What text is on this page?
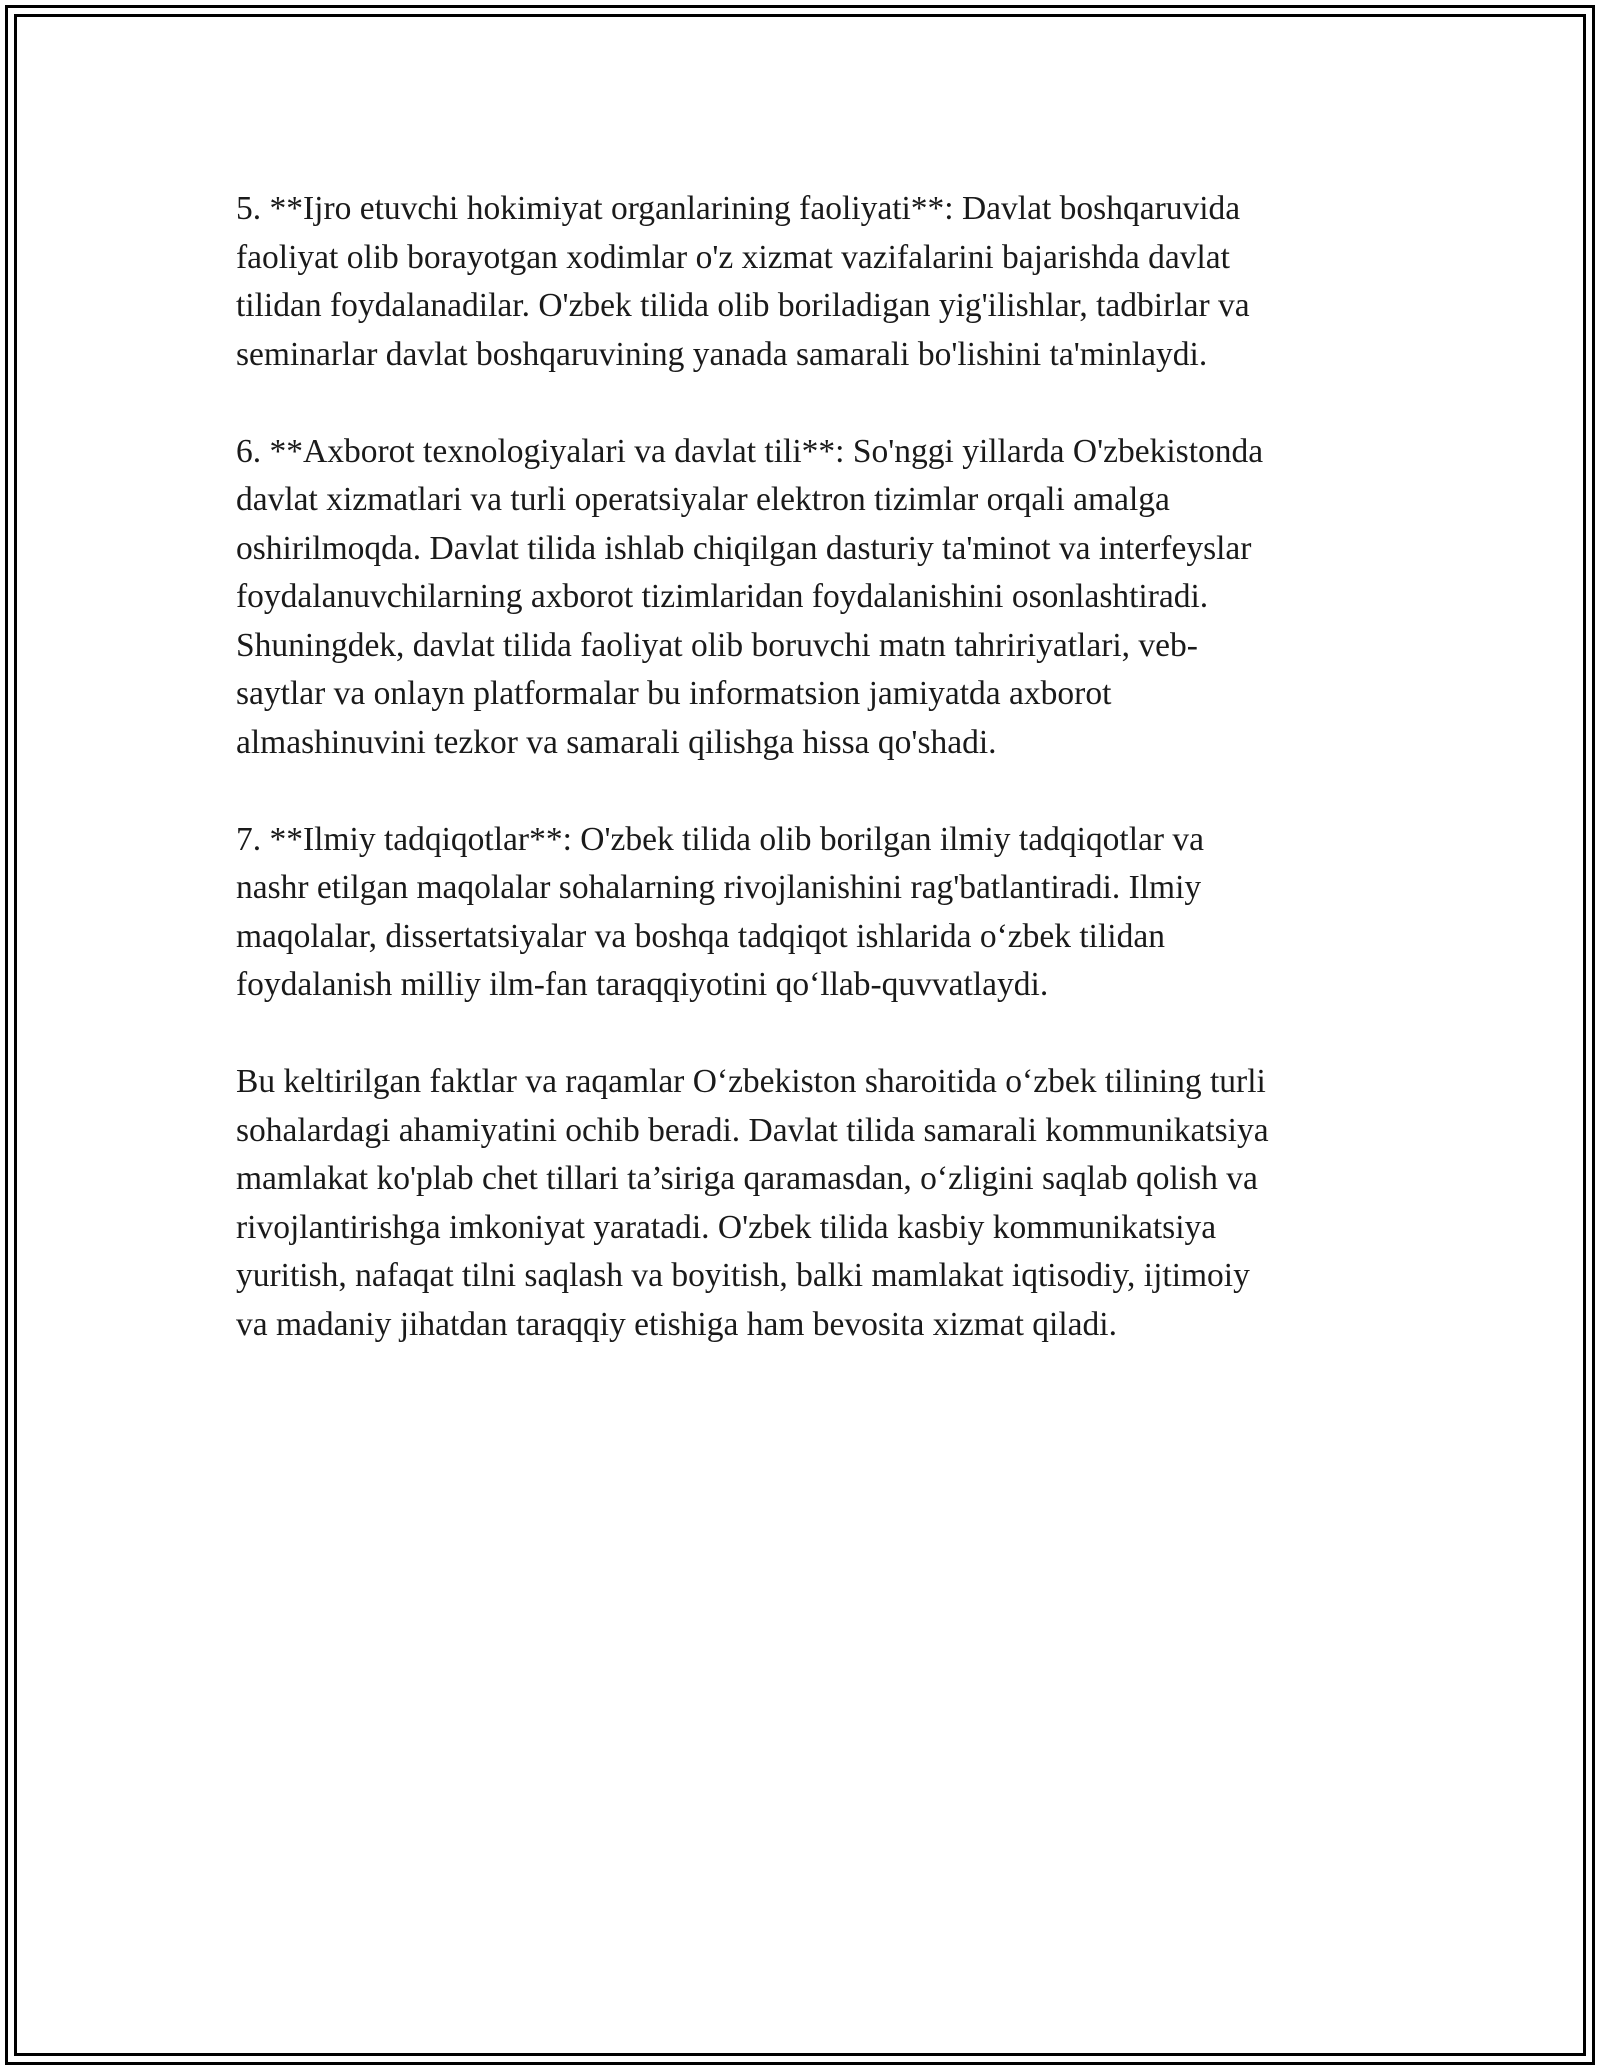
5. **Ijro etuvchi hokimiyat organlarining faoliyati**: Davlat boshqaruvida
faoliyat olib borayotgan xodimlar o'z xizmat vazifalarini bajarishda davlat
tilidan foydalanadilar. O'zbek tilida olib boriladigan yig'ilishlar, tadbirlar va
seminarlar davlat boshqaruvining yanada samarali bo'lishini ta'minlaydi.

6. **Axborot texnologiyalari va davlat tili**: So'nggi yillarda O'zbekistonda
davlat xizmatlari va turli operatsiyalar elektron tizimlar orqali amalga
oshirilmoqda. Davlat tilida ishlab chiqilgan dasturiy ta'minot va interfeyslar
foydalanuvchilarning axborot tizimlaridan foydalanishini osonlashtiradi.
Shuningdek, davlat tilida faoliyat olib boruvchi matn tahririyatlari, veb-
saytlar va onlayn platformalar bu informatsion jamiyatda axborot
almashinuvini tezkor va samarali qilishga hissa qo'shadi.

7. **Ilmiy tadqiqotlar**: O'zbek tilida olib borilgan ilmiy tadqiqotlar va
nashr etilgan maqolalar sohalarning rivojlanishini rag'batlantiradi. Ilmiy
maqolalar, dissertatsiyalar va boshqa tadqiqot ishlarida o‘zbek tilidan
foydalanish milliy ilm-fan taraqqiyotini qo‘llab-quvvatlaydi.

Bu keltirilgan faktlar va raqamlar O‘zbekiston sharoitida o‘zbek tilining turli
sohalardagi ahamiyatini ochib beradi. Davlat tilida samarali kommunikatsiya
mamlakat ko'plab chet tillari ta’siriga qaramasdan, o‘zligini saqlab qolish va
rivojlantirishga imkoniyat yaratadi. O'zbek tilida kasbiy kommunikatsiya
yuritish, nafaqat tilni saqlash va boyitish, balki mamlakat iqtisodiy, ijtimoiy
va madaniy jihatdan taraqqiy etishiga ham bevosita xizmat qiladi.
